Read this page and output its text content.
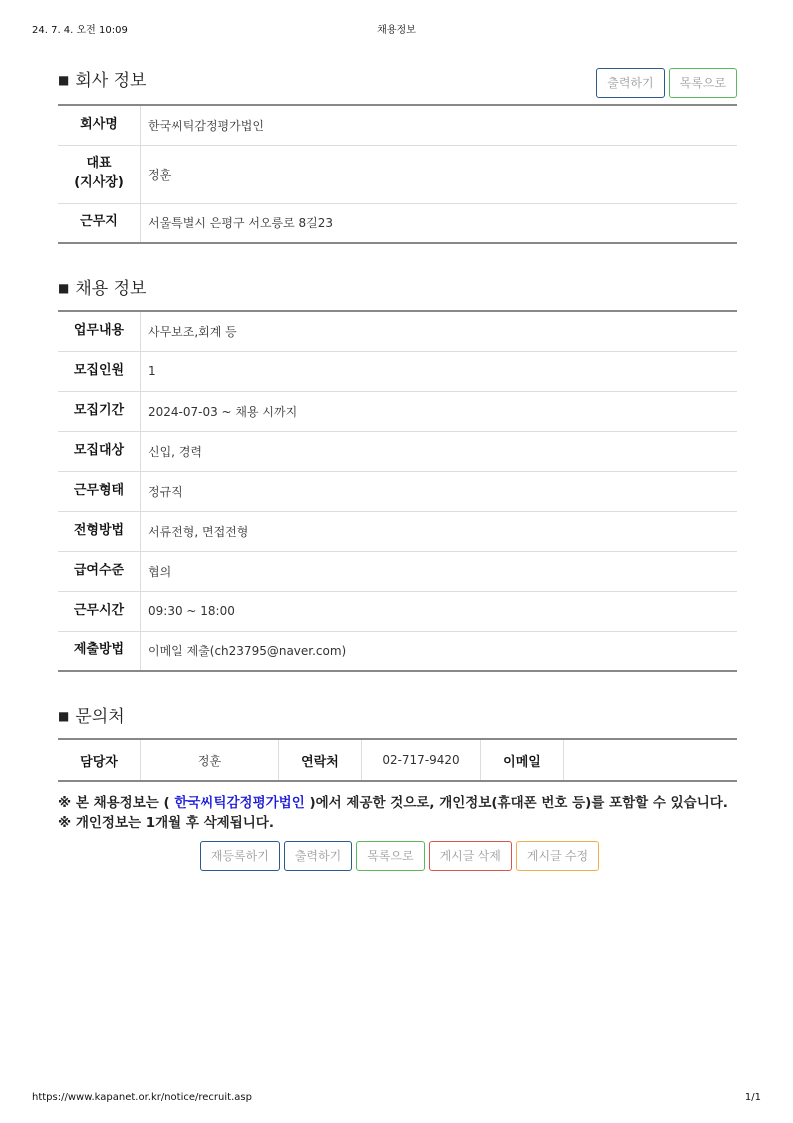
24. 7. 4. 오전 10:09	채용정보
■ 회사 정보	출력하기 목록으로
회사명	한국씨틱감정평가법인
대표
(지사장)	정훈
근무지	서울특별시 은평구 서오릉로 8길23
■ 채용 정보
업무내용	사무보조,회계 등
모집인원	1
모집기간	2024-07-03 ~ 채용 시까지
모집대상	신입, 경력
근무형태	정규직
전형방법	서류전형, 면접전형
급여수준	협의
근무시간	09:30 ~ 18:00
제출방법	이메일 제출(ch23795@naver.com)
■ 문의처
담당자	정훈	연락처	02-717-9420	이메일	
※ 본 채용정보는 ( 한국씨틱감정평가법인 )에서 제공한 것으로, 개인정보(휴대폰 번호 등)를 포함할 수 있습니다.
※ 개인정보는 1개월 후 삭제됩니다.
재등록하기 출력하기 목록으로 게시글 삭제 게시글 수정
https://www.kapanet.or.kr/notice/recruit.asp	1/1
